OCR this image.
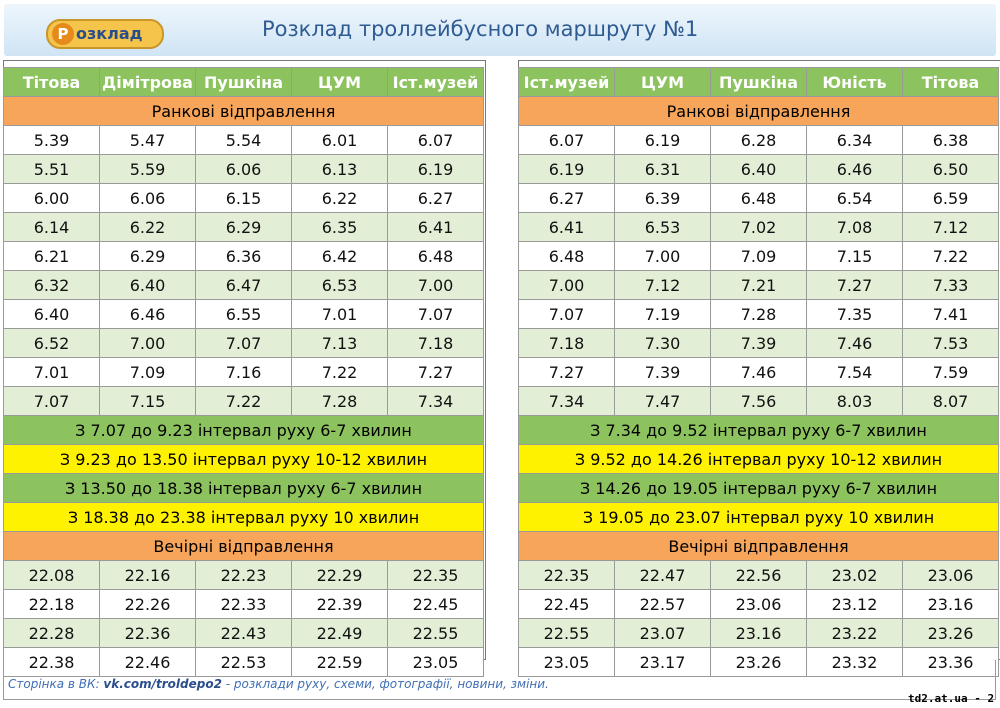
Р озклад	Розклад троллейбусного маршруту №1
Тітова	Дімітрова	Пушкіна	ЦУМ	Іст.музей
Ранкові відправлення				
5.39	5.47	5.54	6.01	6.07
5.51	5.59	6.06	6.13	6.19
6.00	6.06	6.15	6.22	6.27
6.14	6.22	6.29	6.35	6.41
6.21	6.29	6.36	6.42	6.48
6.32	6.40	6.47	6.53	7.00
6.40	6.46	6.55	7.01	7.07
6.52	7.00	7.07	7.13	7.18
7.01	7.09	7.16	7.22	7.27
7.07	7.15	7.22	7.28	7.34
З 7.07 до 9.23 інтервал руху 6-7 хвилин				
З 9.23 до 13.50 інтервал руху 10-12 хвилин				
З 13.50 до 18.38 інтервал руху 6-7 хвилин				
З 18.38 до 23.38 інтервал руху 10 хвилин				
Вечірні відправлення				
22.08	22.16	22.23	22.29	22.35
22.18	22.26	22.33	22.39	22.45
22.28	22.36	22.43	22.49	22.55
22.38	22.46	22.53	22.59	23.05
Іст.музей	ЦУМ	Пушкіна	Юність	Тітова
Ранкові відправлення				
6.07	6.19	6.28	6.34	6.38
6.19	6.31	6.40	6.46	6.50
6.27	6.39	6.48	6.54	6.59
6.41	6.53	7.02	7.08	7.12
6.48	7.00	7.09	7.15	7.22
7.00	7.12	7.21	7.27	7.33
7.07	7.19	7.28	7.35	7.41
7.18	7.30	7.39	7.46	7.53
7.27	7.39	7.46	7.54	7.59
7.34	7.47	7.56	8.03	8.07
З 7.34 до 9.52 інтервал руху 6-7 хвилин				
З 9.52 до 14.26 інтервал руху 10-12 хвилин				
З 14.26 до 19.05 інтервал руху 6-7 хвилин				
З 19.05 до 23.07 інтервал руху 10 хвилин				
Вечірні відправлення				
22.35	22.47	22.56	23.02	23.06
22.45	22.57	23.06	23.12	23.16
22.55	23.07	23.16	23.22	23.26
23.05	23.17	23.26	23.32	23.36
Сторінка в ВК: vk.com/troldepo2 - розклади руху, схеми, фотографії, новини, зміни.
td2.at.ua - 2
